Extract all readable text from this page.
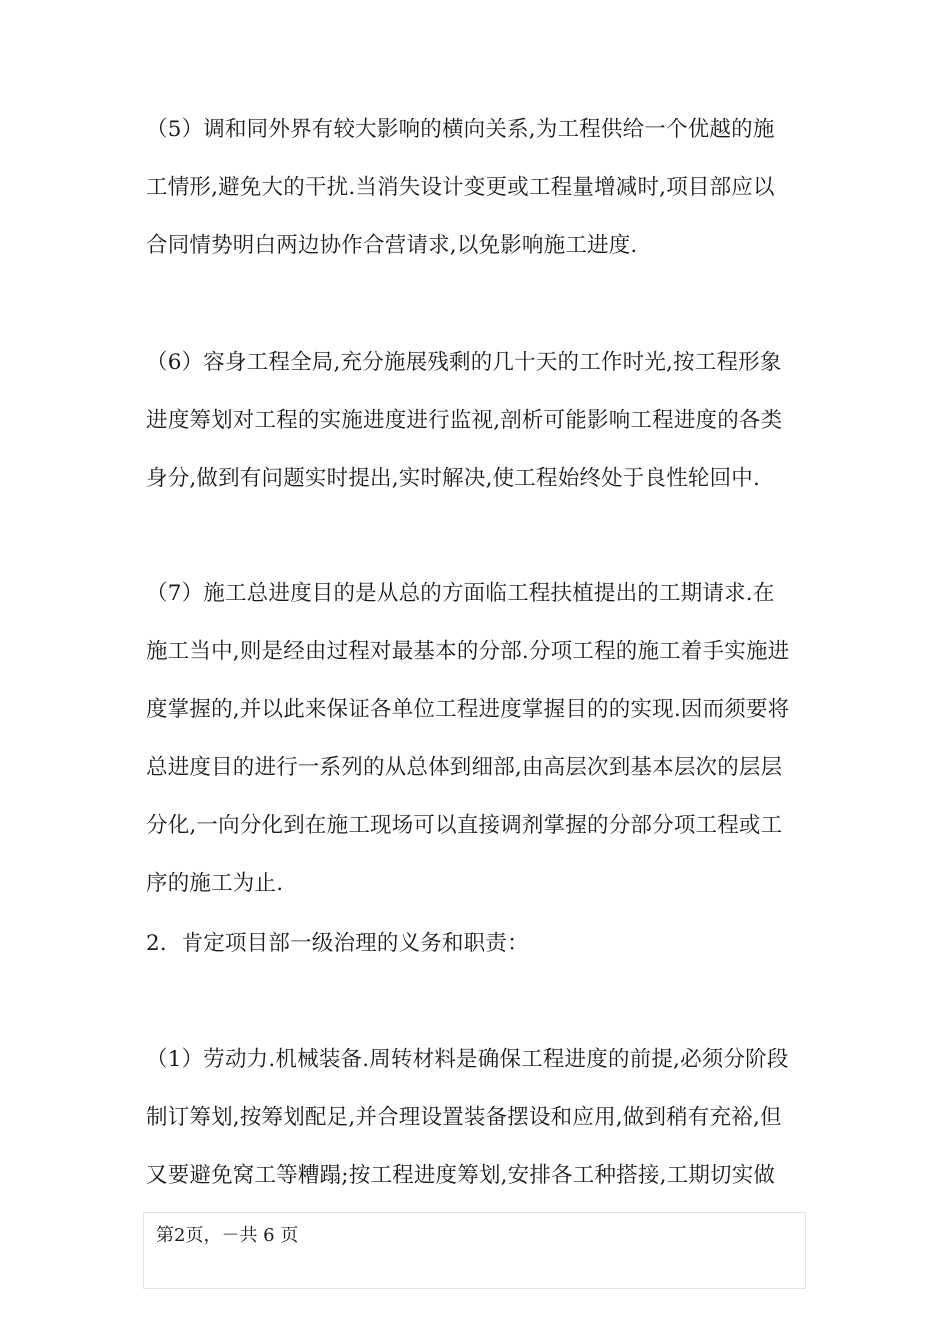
（5）调和同外界有较大影响的横向关系,为工程供给一个优越的施
工情形,避免大的干扰.当消失设计变更或工程量增减时,项目部应以
合同情势明白两边协作合营请求,以免影响施工进度.
（6）容身工程全局,充分施展残剩的几十天的工作时光,按工程形象
进度筹划对工程的实施进度进行监视,剖析可能影响工程进度的各类
身分,做到有问题实时提出,实时解决,使工程始终处于良性轮回中.
（7）施工总进度目的是从总的方面临工程扶植提出的工期请求.在
施工当中,则是经由过程对最基本的分部.分项工程的施工着手实施进
度掌握的,并以此来保证各单位工程进度掌握目的的实现.因而须要将
总进度目的进行一系列的从总体到细部,由高层次到基本层次的层层
分化,一向分化到在施工现场可以直接调剂掌握的分部分项工程或工
序的施工为止.
2．肯定项目部一级治理的义务和职责：
（1）劳动力.机械装备.周转材料是确保工程进度的前提,必须分阶段
制订筹划,按筹划配足,并合理设置装备摆设和应用,做到稍有充裕,但
又要避免窝工等糟蹋;按工程进度筹划,安排各工种搭接,工期切实做
第2页，－共 6 页
